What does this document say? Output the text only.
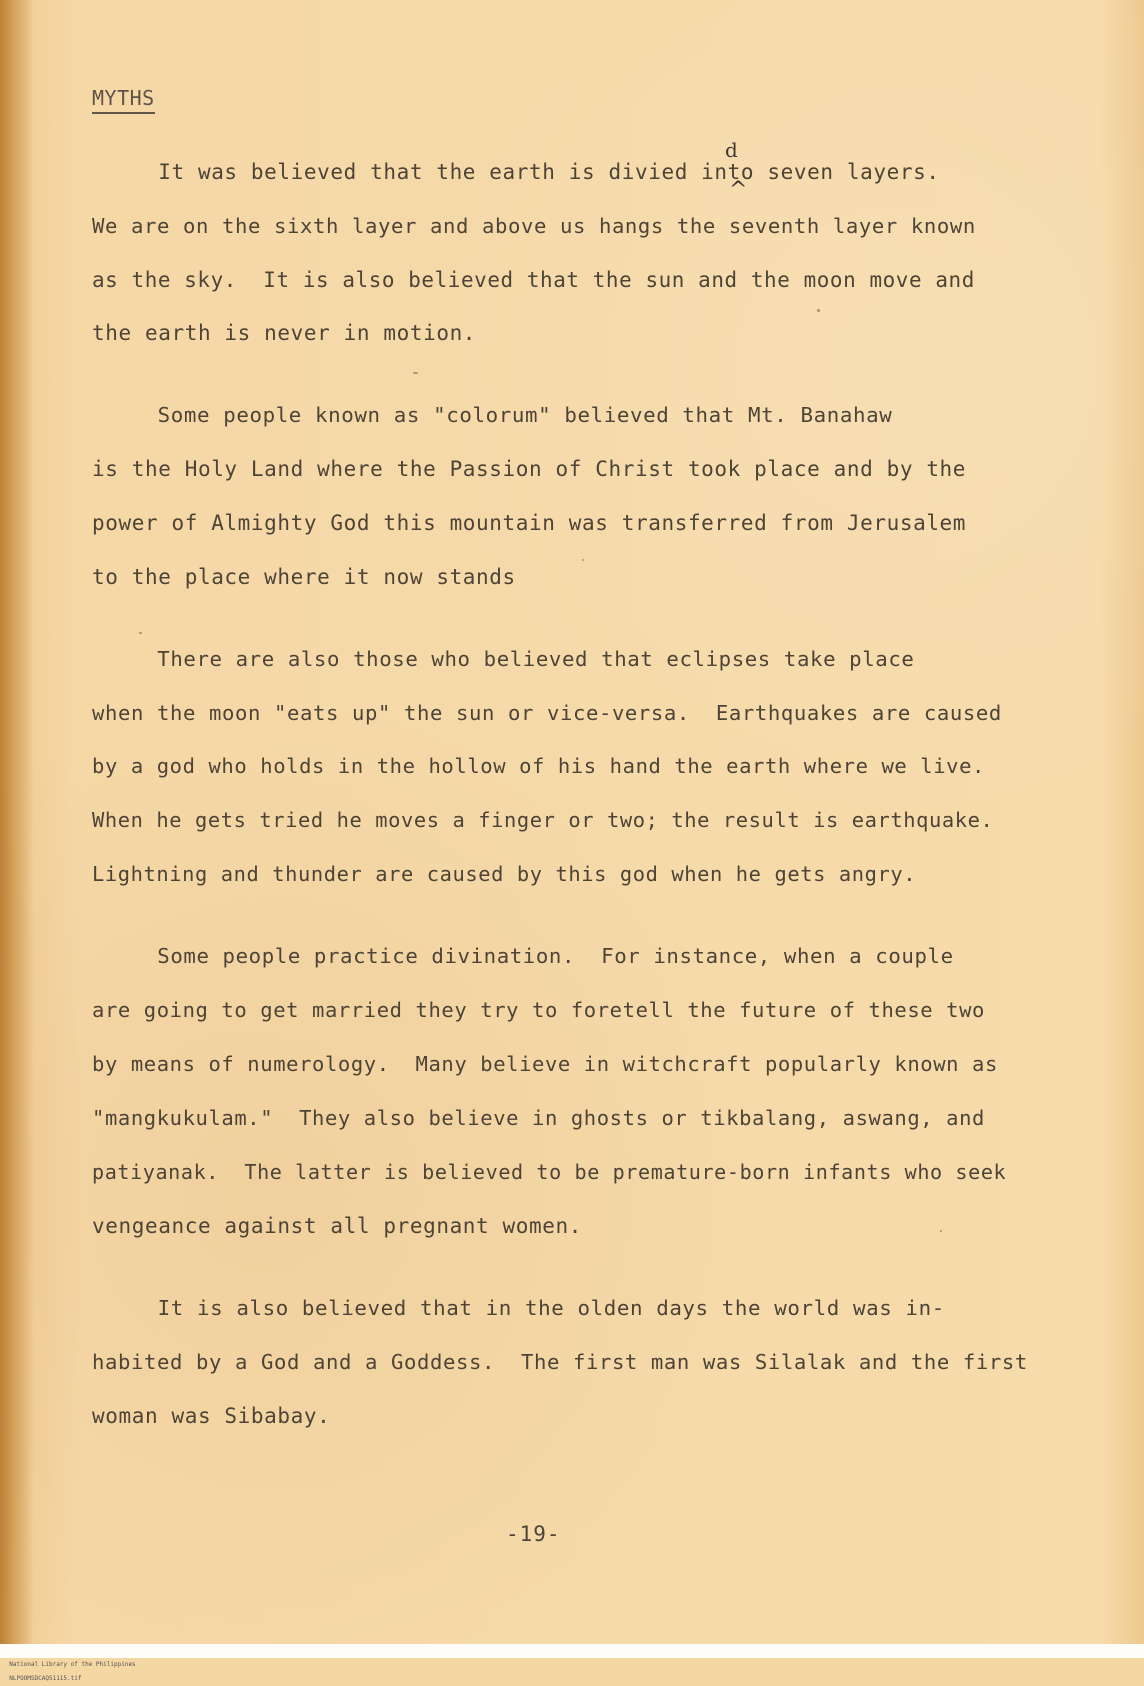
MYTHS
It was believed that the earth is divied into seven layers.
We are on the sixth layer and above us hangs the seventh layer known
as the sky.  It is also believed that the sun and the moon move and
the earth is never in motion.
Some people known as "colorum" believed that Mt. Banahaw
is the Holy Land where the Passion of Christ took place and by the
power of Almighty God this mountain was transferred from Jerusalem
to the place where it now stands
There are also those who believed that eclipses take place
when the moon "eats up" the sun or vice-versa.  Earthquakes are caused
by a god who holds in the hollow of his hand the earth where we live.
When he gets tried he moves a finger or two; the result is earthquake.
Lightning and thunder are caused by this god when he gets angry.
Some people practice divination.  For instance, when a couple
are going to get married they try to foretell the future of these two
by means of numerology.  Many believe in witchcraft popularly known as
"mangkukulam."  They also believe in ghosts or tikbalang, aswang, and
patiyanak.  The latter is believed to be premature-born infants who seek
vengeance against all pregnant women.
It is also believed that in the olden days the world was in-
habited by a God and a Goddess.  The first man was Silalak and the first
woman was Sibabay.
d
^
-19-

National Library of the Philippines
NLPOOMSDCAQ51115.tif
